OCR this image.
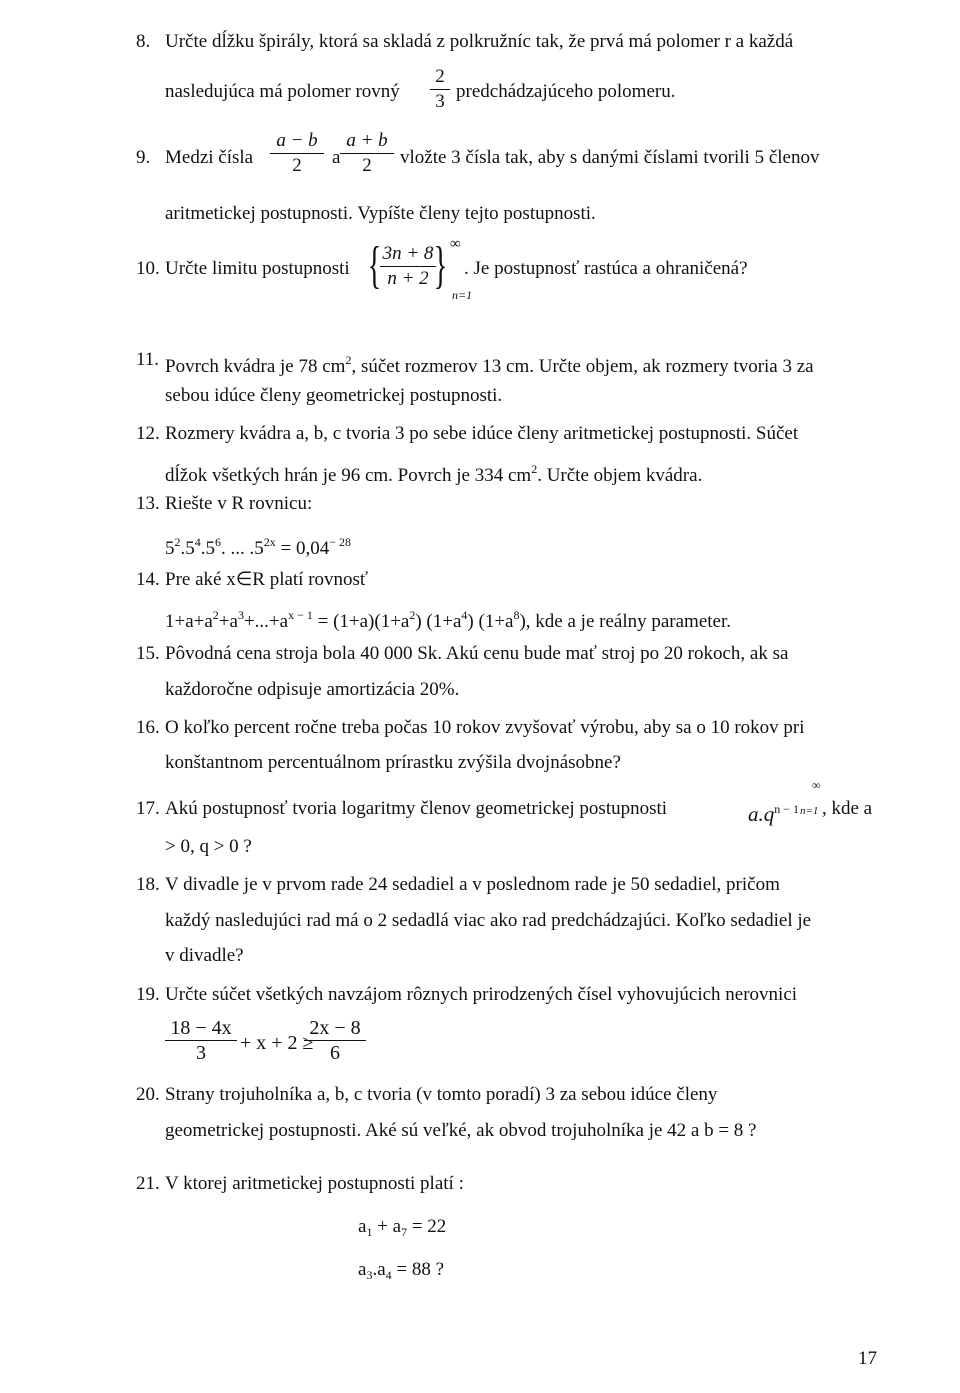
8. Určte dĺžku špirály, ktorá sa skladá z polkružníc tak, že prvá má polomer r a každá
nasledujúca má polomer rovný
2
3 predchádzajúceho polomeru.
9. Medzi čísla
a − b
2	a
a + b
2	vložte 3 čísla tak, aby s danými číslami tvorili 5 členov
aritmetickej postupnosti. Vypíšte členy tejto postupnosti.
10. Určte limitu postupnosti { 3n + 8
n + 2 } ∞
n=1
. Je postupnosť rastúca a ohraničená?
11. Povrch kvádra je 78 $cm^2$, súčet rozmerov 13 cm. Určte objem, ak rozmery tvoria 3 za
sebou idúce členy geometrickej postupnosti.
12. Rozmery kvádra a, b, c tvoria 3 po sebe idúce členy aritmetickej postupnosti. Súčet
dĺžok všetkých hrán je 96 cm. Povrch je 334 $cm^2$. Určte objem kvádra.
13. Riešte v R rovnicu:
$5^2.5^4.5^6$. ... $.5^{2x} = 0,04^{- 28}$
14. Pre aké x∈R platí rovnosť
$1+a+a^2+a^3+...+a^{x - 1} = (1+a)(1+a^2)$ $(1+a^4)$ $(1+a^8)$, kde a je reálny parameter.
15. Pôvodná cena stroja bola 40 000 Sk. Akú cenu bude mať stroj po 20 rokoch, ak sa
každoročne odpisuje amortizácia 20%.
16. O koľko percent ročne treba počas 10 rokov zvyšovať výrobu, aby sa o 10 rokov pri
konštantnom percentuálnom prírastku zvýšila dvojnásobne?
17. Akú postupnosť tvoria logaritmy členov geometrickej postupnosti	$a.q^{n - 1}$
∞
n=1 , kde a
> 0, q > 0 ?
18. V divadle je v prvom rade 24 sedadiel a v poslednom rade je 50 sedadiel, pričom
každý nasledujúci rad má o 2 sedadlá viac ako rad predchádzajúci. Koľko sedadiel je
v divadle?
19. Určte súčet všetkých navzájom rôznych prirodzených čísel vyhovujúcich nerovnici
18 − 4x
3	+ x + 2 ≥
2x − 8
6
20. Strany trojuholníka a, b, c tvoria (v tomto poradí) 3 za sebou idúce členy
geometrickej postupnosti. Aké sú veľké, ak obvod trojuholníka je 42 a b = 8 ?
21. V ktorej aritmetickej postupnosti platí :
$a_1 + a_7 = 22$
$a_3.a_4 = 88$ ?
17
